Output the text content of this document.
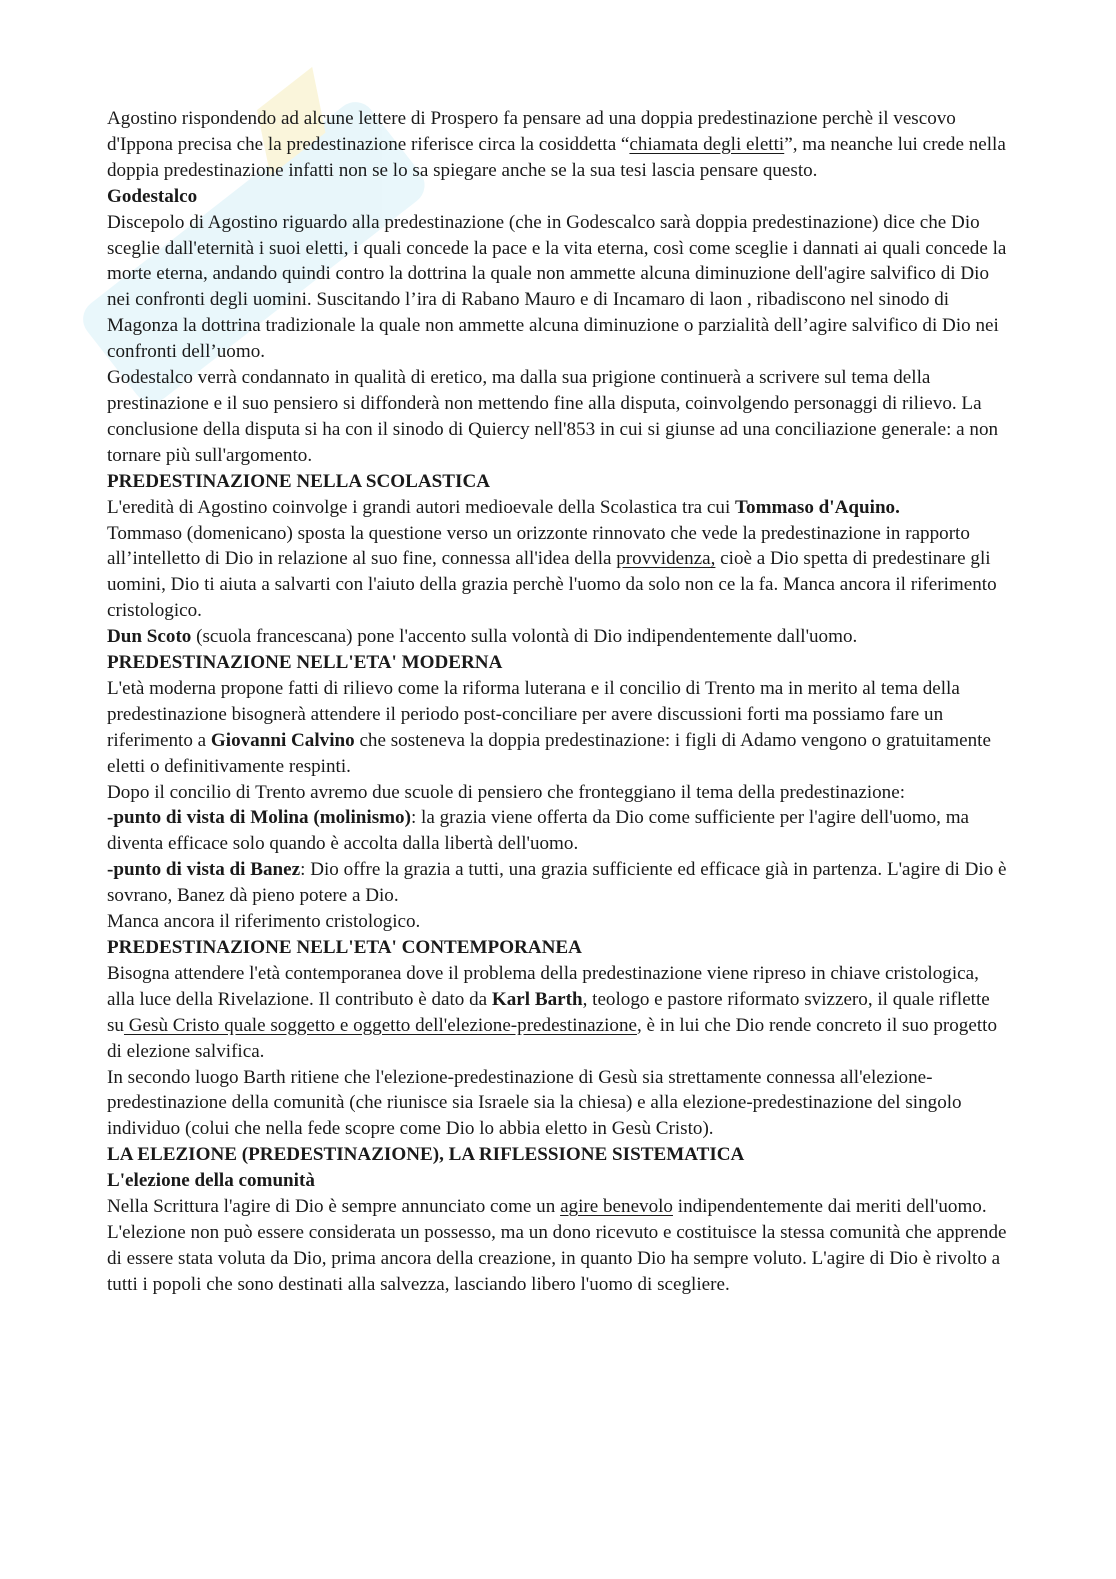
Agostino rispondendo ad alcune lettere di Prospero fa pensare ad una doppia predestinazione perchè il vescovo d'Ippona precisa che la predestinazione riferisce circa la cosiddetta “chiamata degli eletti”, ma neanche lui crede nella doppia predestinazione infatti non se lo sa spiegare anche se la sua tesi lascia pensare questo.
Godestalco
Discepolo di Agostino riguardo alla predestinazione (che in Godescalco sarà doppia predestinazione) dice che Dio sceglie dall'eternità i suoi eletti, i quali concede la pace e la vita eterna, così come sceglie i dannati ai quali concede la morte eterna, andando quindi contro la dottrina la quale non ammette alcuna diminuzione dell'agire salvifico di Dio nei confronti degli uomini. Suscitando l’ira di Rabano Mauro e di Incamaro di laon , ribadiscono nel sinodo di Magonza la dottrina tradizionale la quale non ammette alcuna diminuzione o parzialità dell’agire salvifico di Dio nei confronti dell’uomo.
Godestalco verrà condannato in qualità di eretico, ma dalla sua prigione continuerà a scrivere sul tema della prestinazione e il suo pensiero si diffonderà non mettendo fine alla disputa, coinvolgendo personaggi di rilievo. La conclusione della disputa si ha con il sinodo di Quiercy nell'853 in cui si giunse ad una conciliazione generale: a non tornare più sull'argomento.
PREDESTINAZIONE NELLA SCOLASTICA
L'eredità di Agostino coinvolge i grandi autori medioevale della Scolastica tra cui Tommaso d'Aquino.
Tommaso (domenicano) sposta la questione verso un orizzonte rinnovato che vede la predestinazione in rapporto all’intelletto di Dio in relazione al suo fine, connessa all'idea della provvidenza, cioè a Dio spetta di predestinare gli uomini, Dio ti aiuta a salvarti con l'aiuto della grazia perchè l'uomo da solo non ce la fa. Manca ancora il riferimento cristologico.
Dun Scoto (scuola francescana) pone l'accento sulla volontà di Dio indipendentemente dall'uomo.
PREDESTINAZIONE NELL'ETA' MODERNA
L'età moderna propone fatti di rilievo come la riforma luterana e il concilio di Trento ma in merito al tema della predestinazione bisognerà attendere il periodo post-conciliare per avere discussioni forti ma possiamo fare un riferimento a Giovanni Calvino che sosteneva la doppia predestinazione: i figli di Adamo vengono o gratuitamente eletti o definitivamente respinti.
Dopo il concilio di Trento avremo due scuole di pensiero che fronteggiano il tema della predestinazione:
-punto di vista di Molina (molinismo): la grazia viene offerta da Dio come sufficiente per l'agire dell'uomo, ma diventa efficace solo quando è accolta dalla libertà dell'uomo.
-punto di vista di Banez: Dio offre la grazia a tutti, una grazia sufficiente ed efficace già in partenza. L'agire di Dio è sovrano, Banez dà pieno potere a Dio.
Manca ancora il riferimento cristologico.
PREDESTINAZIONE NELL'ETA' CONTEMPORANEA
Bisogna attendere l'età contemporanea dove il problema della predestinazione viene ripreso in chiave cristologica, alla luce della Rivelazione. Il contributo è dato da Karl Barth, teologo e pastore riformato svizzero, il quale riflette su Gesù Cristo quale soggetto e oggetto dell'elezione-predestinazione, è in lui che Dio rende concreto il suo progetto di elezione salvifica.
In secondo luogo Barth ritiene che l'elezione-predestinazione di Gesù sia strettamente connessa all'elezione-predestinazione della comunità (che riunisce sia Israele sia la chiesa) e alla elezione-predestinazione del singolo individuo (colui che nella fede scopre come Dio lo abbia eletto in Gesù Cristo).
LA ELEZIONE (PREDESTINAZIONE), LA RIFLESSIONE SISTEMATICA
L'elezione della comunità
Nella Scrittura l'agire di Dio è sempre annunciato come un agire benevolo indipendentemente dai meriti dell'uomo. L'elezione non può essere considerata un possesso, ma un dono ricevuto e costituisce la stessa comunità che apprende di essere stata voluta da Dio, prima ancora della creazione, in quanto Dio ha sempre voluto. L'agire di Dio è rivolto a tutti i popoli che sono destinati alla salvezza, lasciando libero l'uomo di scegliere.
